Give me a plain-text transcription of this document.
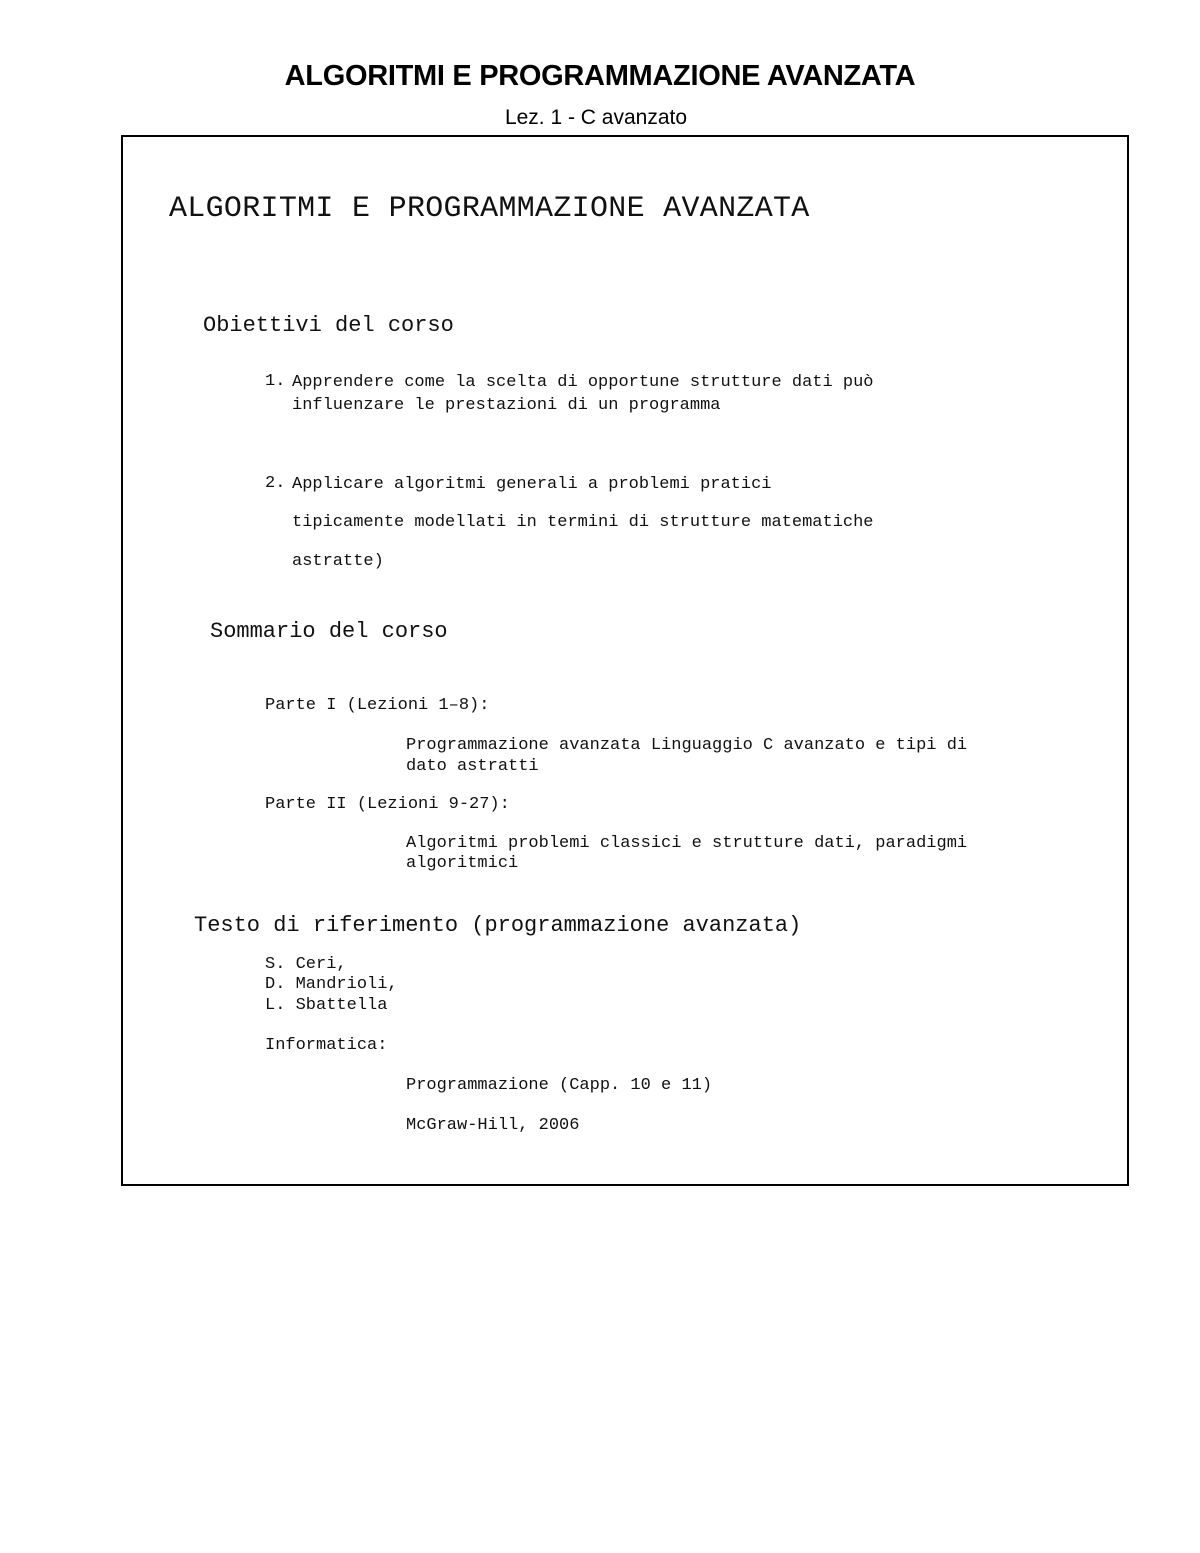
ALGORITMI E PROGRAMMAZIONE AVANZATA
Lez. 1 - C avanzato
ALGORITMI E PROGRAMMAZIONE AVANZATA
Obiettivi del corso
1. Apprendere come la scelta di opportune strutture dati può
influenzare le prestazioni di un programma
2. Applicare algoritmi generali a problemi pratici
tipicamente modellati in termini di strutture matematiche
astratte)
Sommario del corso
Parte I (Lezioni 1–8):
Programmazione avanzata Linguaggio C avanzato e tipi di
dato astratti
Parte II (Lezioni 9-27):
Algoritmi problemi classici e strutture dati, paradigmi
algoritmici
Testo di riferimento (programmazione avanzata)
S. Ceri,
D. Mandrioli,
L. Sbattella
Informatica:
Programmazione (Capp. 10 e 11)
McGraw-Hill, 2006
